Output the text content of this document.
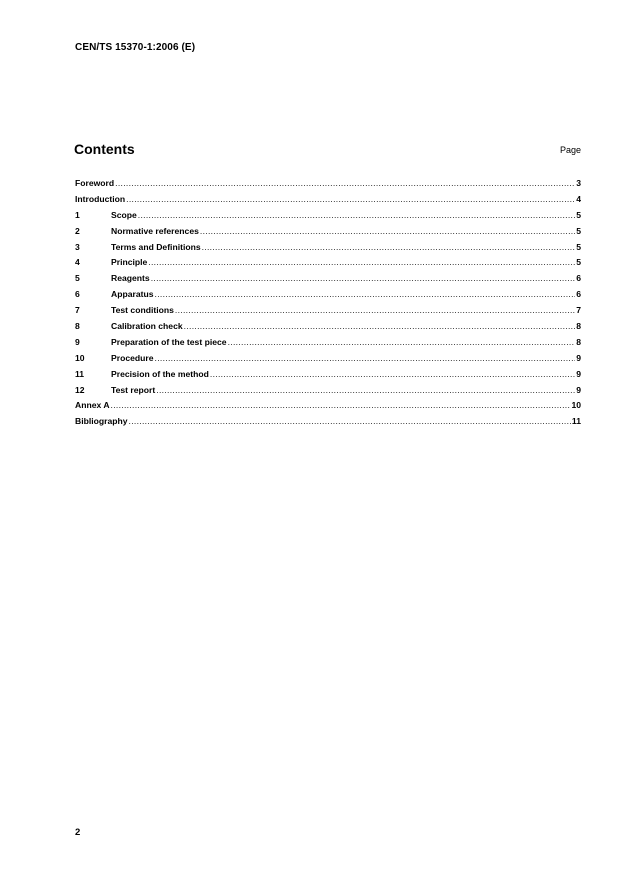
CEN/TS 15370-1:2006 (E)
Contents	Page
Foreword .....	3
Introduction .....	4
1	Scope .....	5
2	Normative references .....	5
3	Terms and Definitions .....	5
4	Principle .....	5
5	Reagents .....	6
6	Apparatus .....	6
7	Test conditions .....	7
8	Calibration check .....	8
9	Preparation of the test piece .....	8
10	Procedure .....	9
11	Precision of the method .....	9
12	Test report .....	9
Annex A .....	10
Bibliography .....	11
2
